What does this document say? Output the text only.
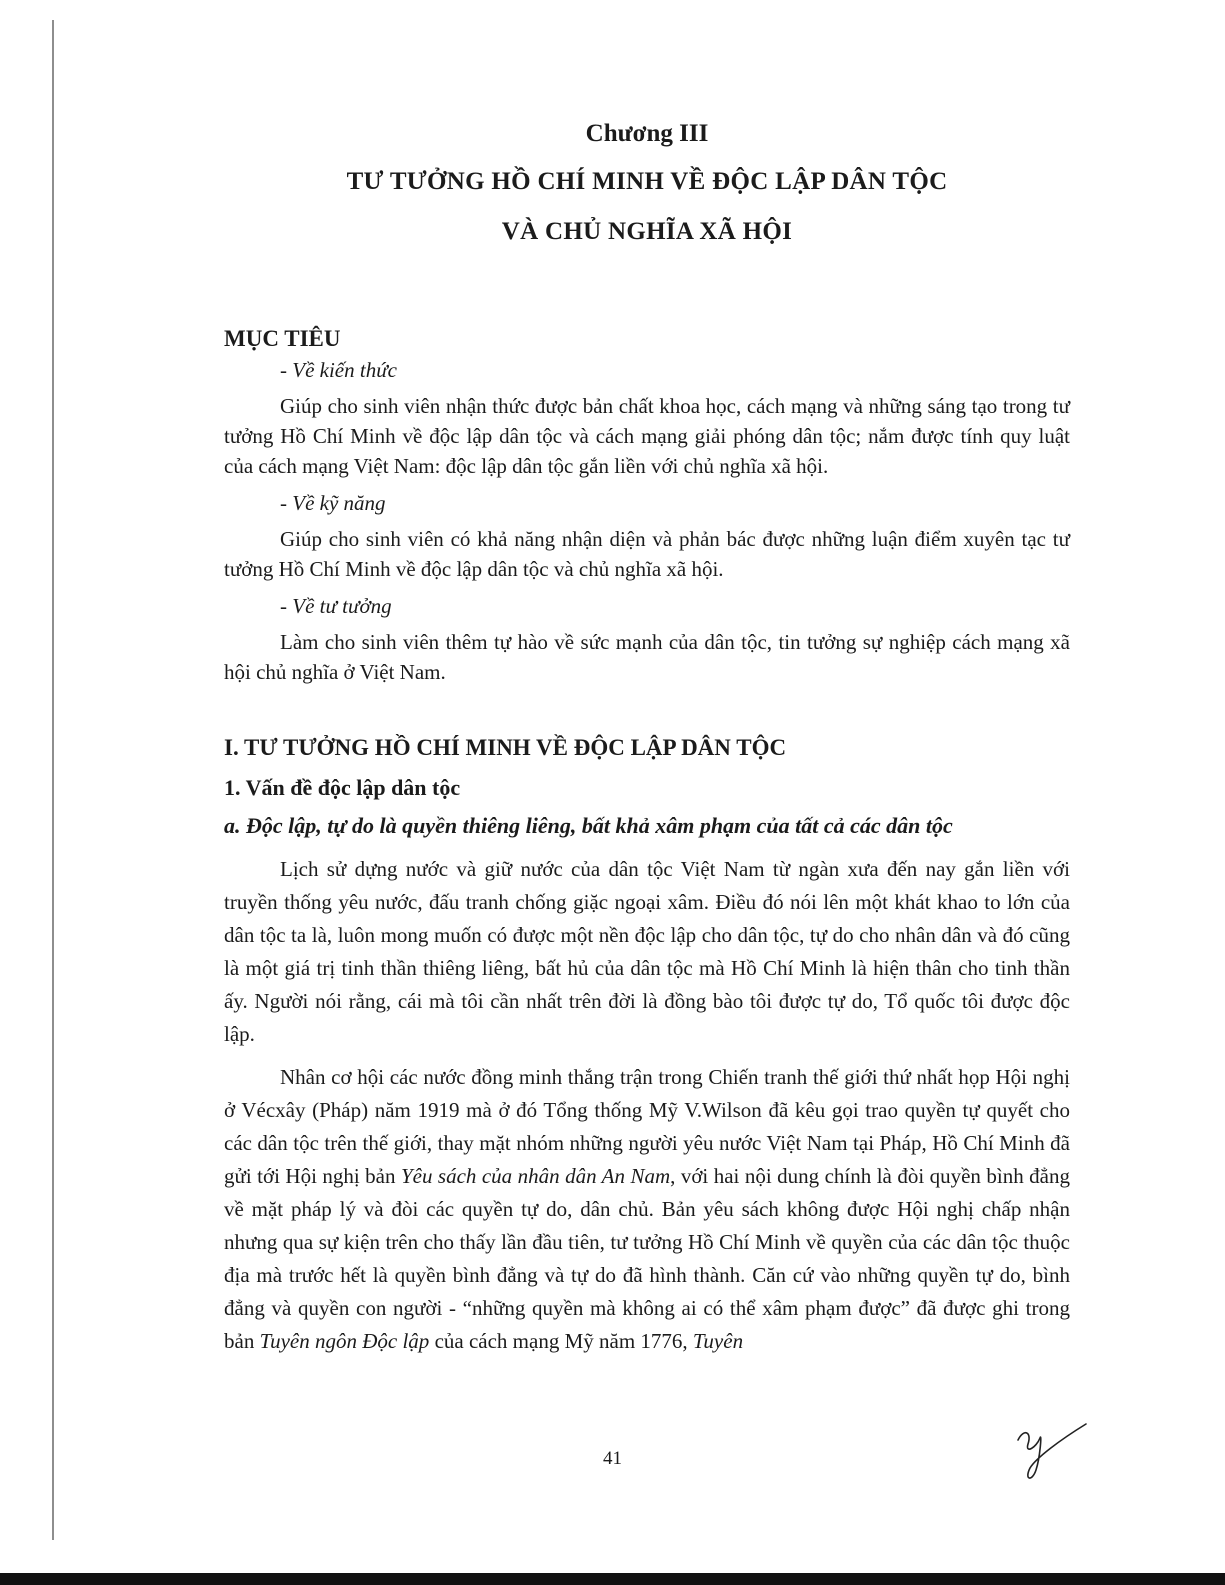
Chương III

TƯ TƯỞNG HỒ CHÍ MINH VỀ ĐỘC LẬP DÂN TỘC

VÀ CHỦ NGHĨA XÃ HỘI

MỤC TIÊU

- Về kiến thức

Giúp cho sinh viên nhận thức được bản chất khoa học, cách mạng và những sáng tạo trong tư tưởng Hồ Chí Minh về độc lập dân tộc và cách mạng giải phóng dân tộc; nắm được tính quy luật của cách mạng Việt Nam: độc lập dân tộc gắn liền với chủ nghĩa xã hội.

- Về kỹ năng

Giúp cho sinh viên có khả năng nhận diện và phản bác được những luận điểm xuyên tạc tư tưởng Hồ Chí Minh về độc lập dân tộc và chủ nghĩa xã hội.

- Về tư tưởng

Làm cho sinh viên thêm tự hào về sức mạnh của dân tộc, tin tưởng sự nghiệp cách mạng xã hội chủ nghĩa ở Việt Nam.

I. TƯ TƯỞNG HỒ CHÍ MINH VỀ ĐỘC LẬP DÂN TỘC

1. Vấn đề độc lập dân tộc

a. Độc lập, tự do là quyền thiêng liêng, bất khả xâm phạm của tất cả các dân tộc

Lịch sử dựng nước và giữ nước của dân tộc Việt Nam từ ngàn xưa đến nay gắn liền với truyền thống yêu nước, đấu tranh chống giặc ngoại xâm. Điều đó nói lên một khát khao to lớn của dân tộc ta là, luôn mong muốn có được một nền độc lập cho dân tộc, tự do cho nhân dân và đó cũng là một giá trị tinh thần thiêng liêng, bất hủ của dân tộc mà Hồ Chí Minh là hiện thân cho tinh thần ấy. Người nói rằng, cái mà tôi cần nhất trên đời là đồng bào tôi được tự do, Tổ quốc tôi được độc lập.

Nhân cơ hội các nước đồng minh thắng trận trong Chiến tranh thế giới thứ nhất họp Hội nghị ở Vécxây (Pháp) năm 1919 mà ở đó Tổng thống Mỹ V.Wilson đã kêu gọi trao quyền tự quyết cho các dân tộc trên thế giới, thay mặt nhóm những người yêu nước Việt Nam tại Pháp, Hồ Chí Minh đã gửi tới Hội nghị bản Yêu sách của nhân dân An Nam, với hai nội dung chính là đòi quyền bình đẳng về mặt pháp lý và đòi các quyền tự do, dân chủ. Bản yêu sách không được Hội nghị chấp nhận nhưng qua sự kiện trên cho thấy lần đầu tiên, tư tưởng Hồ Chí Minh về quyền của các dân tộc thuộc địa mà trước hết là quyền bình đẳng và tự do đã hình thành. Căn cứ vào những quyền tự do, bình đẳng và quyền con người - “những quyền mà không ai có thể xâm phạm được” đã được ghi trong bản Tuyên ngôn Độc lập của cách mạng Mỹ năm 1776, Tuyên

41
